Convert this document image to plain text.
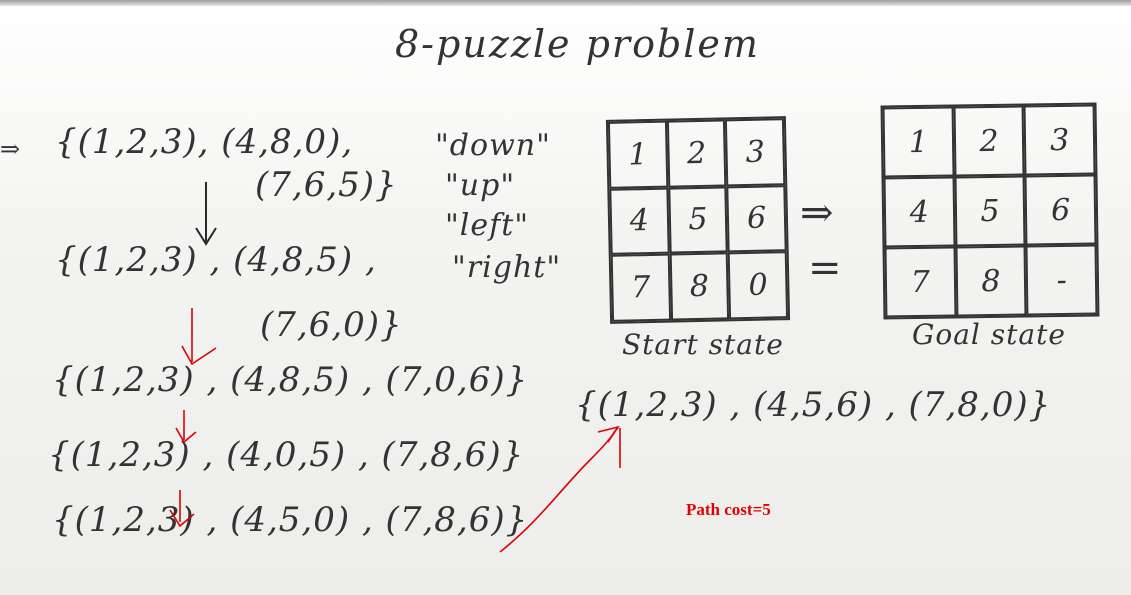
8-puzzle problem
⇒ {(1,2,3), (4,8,0),
(7,6,5)}
{(1,2,3) , (4,8,5) ,
(7,6,0)}
{(1,2,3) , (4,8,5) , (7,0,6)}
{(1,2,3) , (4,0,5) , (7,8,6)}
{(1,2,3) , (4,5,0) , (7,8,6)}
"down"
"up"
"left"
"right"
1	2	3
4	5	6
7	8	0
Start state
⇒
=
1	2	3
4	5	6
7	8	-
Goal state
{(1,2,3) , (4,5,6) , (7,8,0)}
Path cost=5
